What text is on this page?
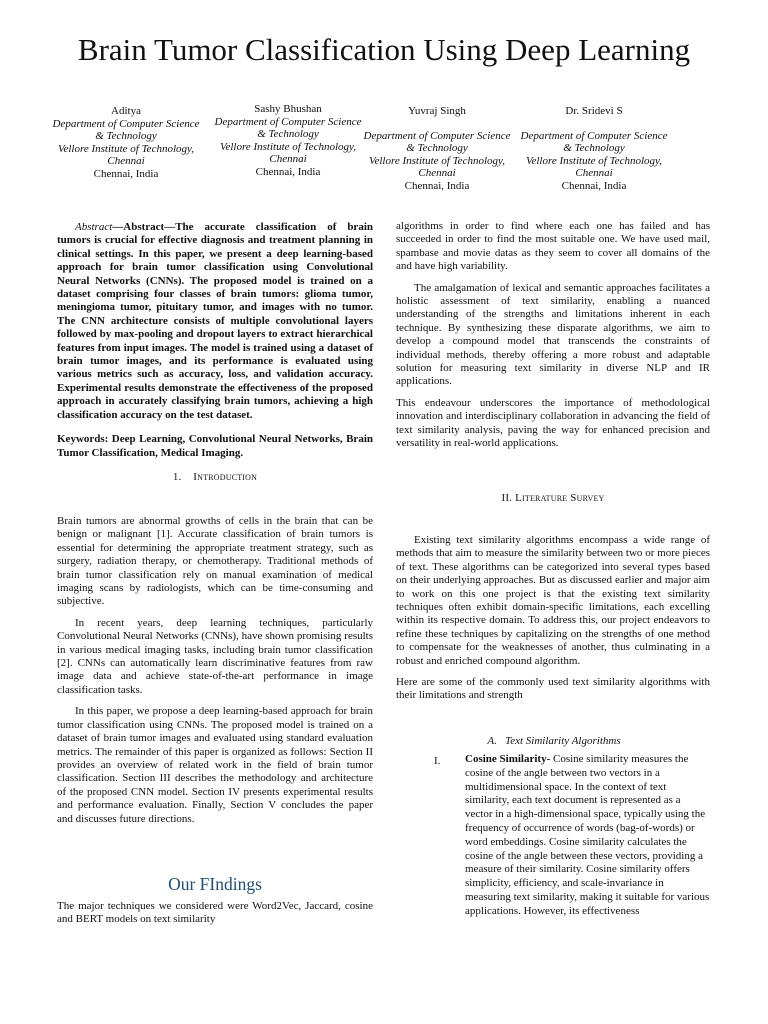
Brain Tumor Classification Using Deep Learning
Aditya
Department of Computer Science & Technology
Vellore Institute of Technology, Chennai
Chennai, India
Sashy Bhushan
Department of Computer Science & Technology
Vellore Institute of Technology, Chennai
Chennai, India
Yuvraj Singh
Department of Computer Science & Technology
Vellore Institute of Technology, Chennai
Chennai, India
Dr. Sridevi S
Department of Computer Science & Technology
Vellore Institute of Technology, Chennai
Chennai, India

Abstract—Abstract—The accurate classification of brain tumors is crucial for effective diagnosis and treatment planning in clinical settings. In this paper, we present a deep learning-based approach for brain tumor classification using Convolutional Neural Networks (CNNs). The proposed model is trained on a dataset comprising four classes of brain tumors: glioma tumor, meningioma tumor, pituitary tumor, and images with no tumor. The CNN architecture consists of multiple convolutional layers followed by max-pooling and dropout layers to extract hierarchical features from input images. The model is trained using a dataset of brain tumor images, and its performance is evaluated using various metrics such as accuracy, loss, and validation accuracy. Experimental results demonstrate the effectiveness of the proposed approach in accurately classifying brain tumors, achieving a high classification accuracy on the test dataset.

Keywords: Deep Learning, Convolutional Neural Networks, Brain Tumor Classification, Medical Imaging.

1.    Introduction

Brain tumors are abnormal growths of cells in the brain that can be benign or malignant [1]. Accurate classification of brain tumors is essential for determining the appropriate treatment strategy, such as surgery, radiation therapy, or chemotherapy. Traditional methods of brain tumor classification rely on manual examination of medical imaging scans by radiologists, which can be time-consuming and subjective.

In recent years, deep learning techniques, particularly Convolutional Neural Networks (CNNs), have shown promising results in various medical imaging tasks, including brain tumor classification [2]. CNNs can automatically learn discriminative features from raw image data and achieve state-of-the-art performance in image classification tasks.

In this paper, we propose a deep learning-based approach for brain tumor classification using CNNs. The proposed model is trained on a dataset of brain tumor images and evaluated using standard evaluation metrics. The remainder of this paper is organized as follows: Section II provides an overview of related work in the field of brain tumor classification. Section III describes the methodology and architecture of the proposed CNN model. Section IV presents experimental results and performance evaluation. Finally, Section V concludes the paper and discusses future directions.

Our FIndings

The major techniques we considered were Word2Vec, Jaccard, cosine and BERT models on text similarity

algorithms in order to find where each one has failed and has succeeded in order to find the most suitable one. We have used mail, spambase and movie datas as they seem to cover all domains of the and have high variability.

The amalgamation of lexical and semantic approaches facilitates a holistic assessment of text similarity, enabling a nuanced understanding of the strengths and limitations inherent in each technique. By synthesizing these disparate algorithms, we aim to develop a compound model that transcends the constraints of individual methods, thereby offering a more robust and adaptable solution for measuring text similarity in diverse NLP and IR applications.

This endeavour underscores the importance of methodological innovation and interdisciplinary collaboration in advancing the field of text similarity analysis, paving the way for enhanced precision and versatility in real-world applications.

II. Literature Survey

Existing text similarity algorithms encompass a wide range of methods that aim to measure the similarity between two or more pieces of text. These algorithms can be categorized into several types based on their underlying approaches. But as discussed earlier and major aim to work on this one project is that the existing text similarity techniques often exhibit domain-specific limitations, each excelling within its respective domain. To address this, our project endeavors to refine these techniques by capitalizing on the strengths of one method to compensate for the weaknesses of another, thus culminating in a robust and enriched compound algorithm.

Here are some of the commonly used text similarity algorithms with their limitations and strength

A.   Text Similarity Algorithms
I. Cosine Similarity- Cosine similarity measures the cosine of the angle between two vectors in a multidimensional space. In the context of text similarity, each text document is represented as a vector in a high-dimensional space, typically using the frequency of occurrence of words (bag-of-words) or word embeddings. Cosine similarity calculates the cosine of the angle between these vectors, providing a measure of their similarity. Cosine similarity offers simplicity, efficiency, and scale-invariance in measuring text similarity, making it suitable for various applications. However, its effectiveness
